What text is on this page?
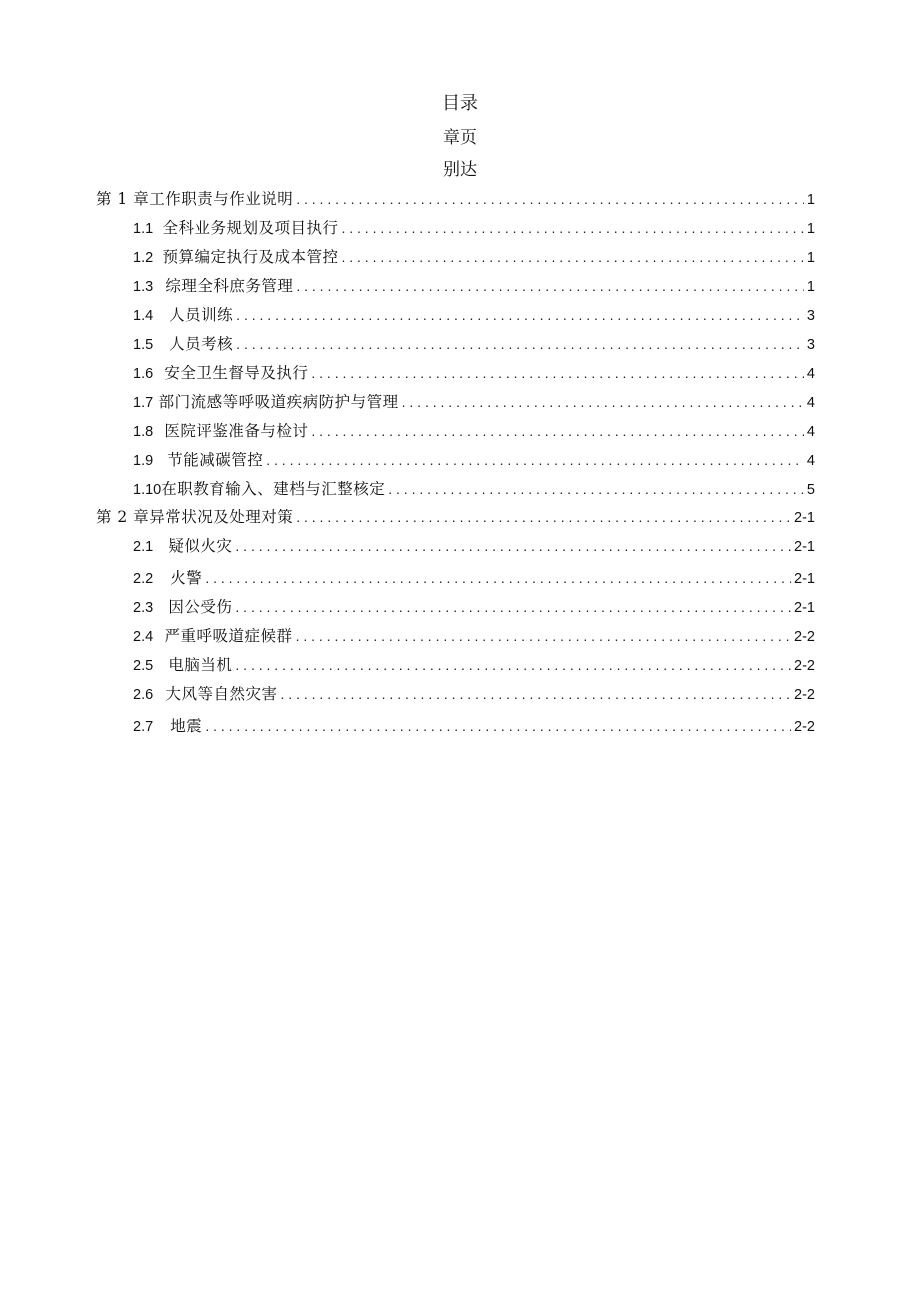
目录
章页
别达
第 1 章工作职责与作业说明 . . .	1
1.1 全科业务规划及项目执行 . . .	1
1.2 预算编定执行及成本管控 . . .	1
1.3 综理全科庶务管理 . . .	1
1.4	人员训练 . . .	3
1.5	人员考核 . . .	3
1.6 安全卫生督导及执行 . . .	4
1.7 部门流感等呼吸道疾病防护与管理 . . .	4
1.8 医院评鉴准备与检讨 . . .	4
1.9 节能减碳管控 . . .	4
1.10 在职教育输入、建档与汇整核定 . . .	5
第 2 章异常状况及处理对策 . . .	2-1
2.1 疑似火灾 . . .	2-1
2.2	火警 . . .	2-1
2.3 因公受伤 . . .	2-1
2.4 严重呼吸道症候群 . . .	2-2
2.5 电脑当机 . . .	2-2
2.6 大风等自然灾害 . . .	2-2
2.7	地震 . . .	2-2
